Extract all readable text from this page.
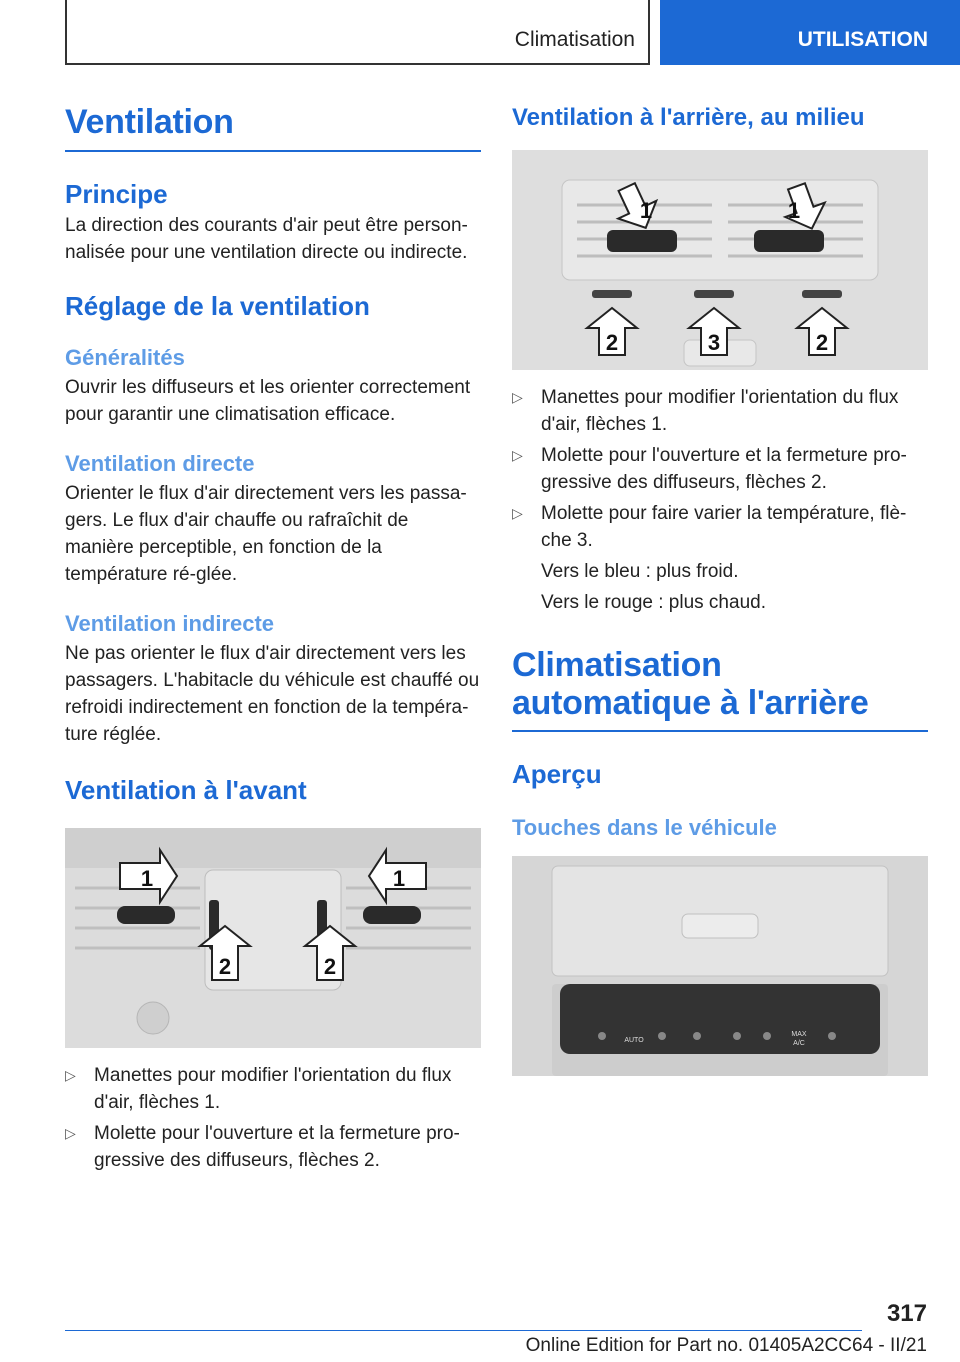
Climatisation	UTILISATION
Ventilation
Principe
La direction des courants d'air peut être person-nalisée pour une ventilation directe ou indirecte.
Réglage de la ventilation
Généralités
Ouvrir les diffuseurs et les orienter correctement pour garantir une climatisation efficace.
Ventilation directe
Orienter le flux d'air directement vers les passa-gers. Le flux d'air chauffe ou rafraîchit de manière perceptible, en fonction de la température ré-glée.
Ventilation indirecte
Ne pas orienter le flux d'air directement vers les passagers. L'habitacle du véhicule est chauffé ou refroidi indirectement en fonction de la tempéra-ture réglée.
Ventilation à l'avant
1	1
2	2
▷ Manettes pour modifier l'orientation du flux d'air, flèches 1.
▷ Molette pour l'ouverture et la fermeture pro-gressive des diffuseurs, flèches 2.
Ventilation à l'arrière, au milieu
1	1
2	3	2
▷ Manettes pour modifier l'orientation du flux d'air, flèches 1.
▷ Molette pour l'ouverture et la fermeture pro-gressive des diffuseurs, flèches 2.
▷ Molette pour faire varier la température, flè-che 3.
Vers le bleu : plus froid.
Vers le rouge : plus chaud.
Climatisation automatique à l'arrière
Aperçu
Touches dans le véhicule
AUTO
MAX
A/C
317
Online Edition for Part no. 01405A2CC64 - II/21
